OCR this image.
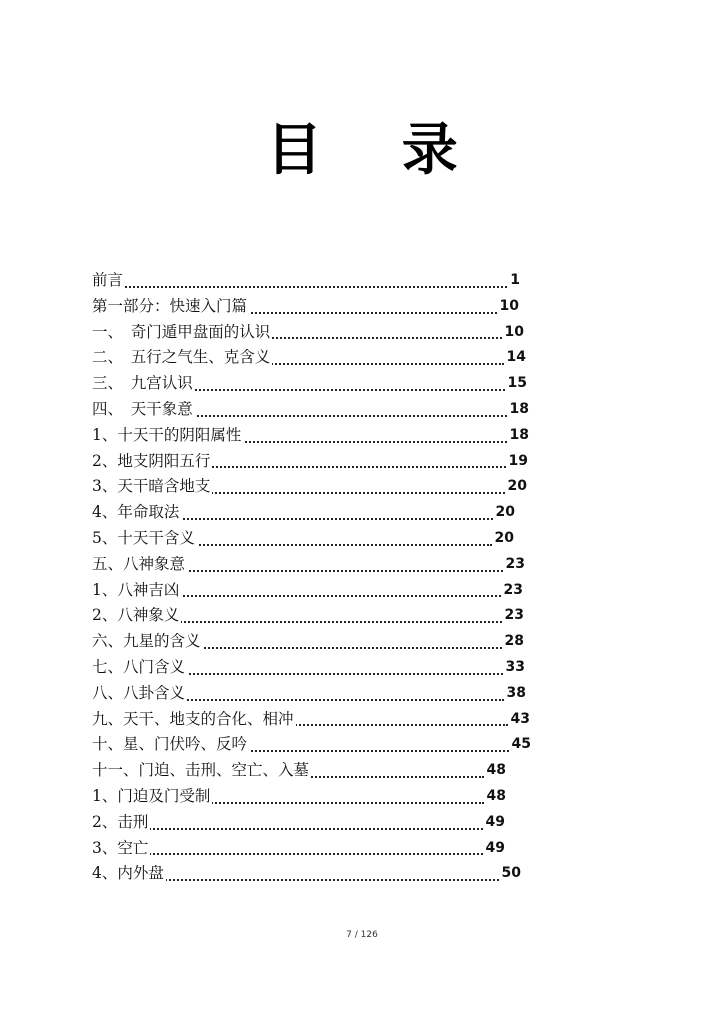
目 录
前言	1
第一部分：快速入门篇	10
一、　奇门遁甲盘面的认识	10
二、　五行之气生、克含义	14
三、　九宫认识	15
四、　天干象意	18
1、十天干的阴阳属性	18
2、地支阴阳五行	19
3、天干暗含地支	20
4、年命取法	20
5、十天干含义	20
五、八神象意	23
1、八神吉凶	23
2、八神象义	23
六、九星的含义	28
七、八门含义	33
八、八卦含义	38
九、天干、地支的合化、相冲	43
十、星、门伏吟、反吟	45
十一、门迫、击刑、空亡、入墓	48
1、门迫及门受制	48
2、击刑	49
3、空亡	49
4、内外盘	50
7 / 126
